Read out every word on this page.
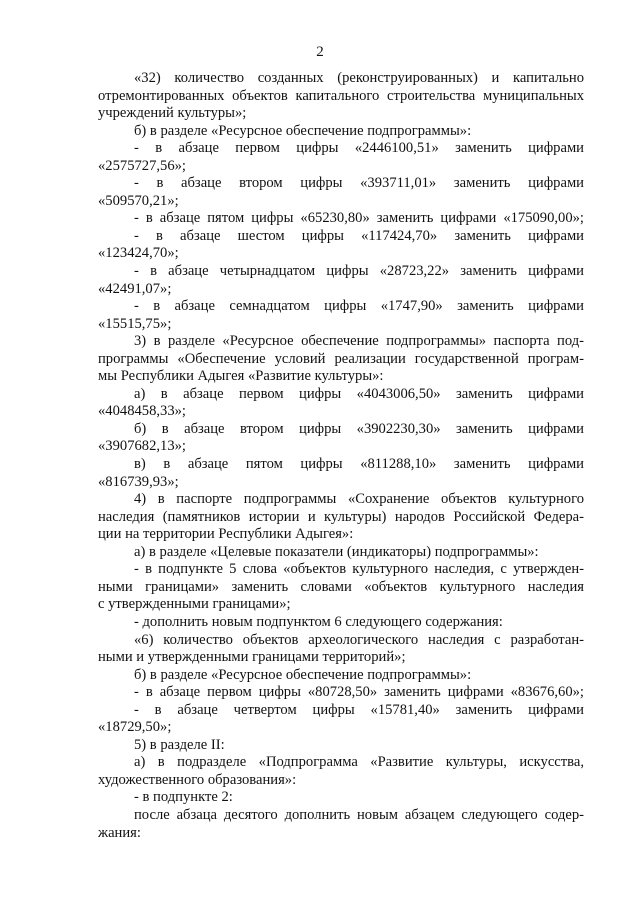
2
«32) количество созданных (реконструированных) и капитально
отремонтированных объектов капитального строительства муниципальных
учреждений культуры»;
б) в разделе «Ресурсное обеспечение подпрограммы»:
- в абзаце первом цифры «2446100,51» заменить цифрами
«2575727,56»;
- в абзаце втором цифры «393711,01» заменить цифрами
«509570,21»;
- в абзаце пятом цифры «65230,80» заменить цифрами «175090,00»;
- в абзаце шестом цифры «117424,70» заменить цифрами
«123424,70»;
- в абзаце четырнадцатом цифры «28723,22» заменить цифрами
«42491,07»;
- в абзаце семнадцатом цифры «1747,90» заменить цифрами
«15515,75»;
3) в разделе «Ресурсное обеспечение подпрограммы» паспорта под-
программы «Обеспечение условий реализации государственной програм-
мы Республики Адыгея «Развитие культуры»:
а) в абзаце первом цифры «4043006,50» заменить цифрами
«4048458,33»;
б) в абзаце втором цифры «3902230,30» заменить цифрами
«3907682,13»;
в) в абзаце пятом цифры «811288,10» заменить цифрами
«816739,93»;
4) в паспорте подпрограммы «Сохранение объектов культурного
наследия (памятников истории и культуры) народов Российской Федера-
ции на территории Республики Адыгея»:
а) в разделе «Целевые показатели (индикаторы) подпрограммы»:
- в подпункте 5 слова «объектов культурного наследия, с утвержден-
ными границами» заменить словами «объектов культурного наследия
с утвержденными границами»;
- дополнить новым подпунктом 6 следующего содержания:
«6) количество объектов археологического наследия с разработан-
ными и утвержденными границами территорий»;
б) в разделе «Ресурсное обеспечение подпрограммы»:
- в абзаце первом цифры «80728,50» заменить цифрами «83676,60»;
- в абзаце четвертом цифры «15781,40» заменить цифрами
«18729,50»;
5) в разделе II:
а) в подразделе «Подпрограмма «Развитие культуры, искусства,
художественного образования»:
- в подпункте 2:
после абзаца десятого дополнить новым абзацем следующего содер-
жания:
